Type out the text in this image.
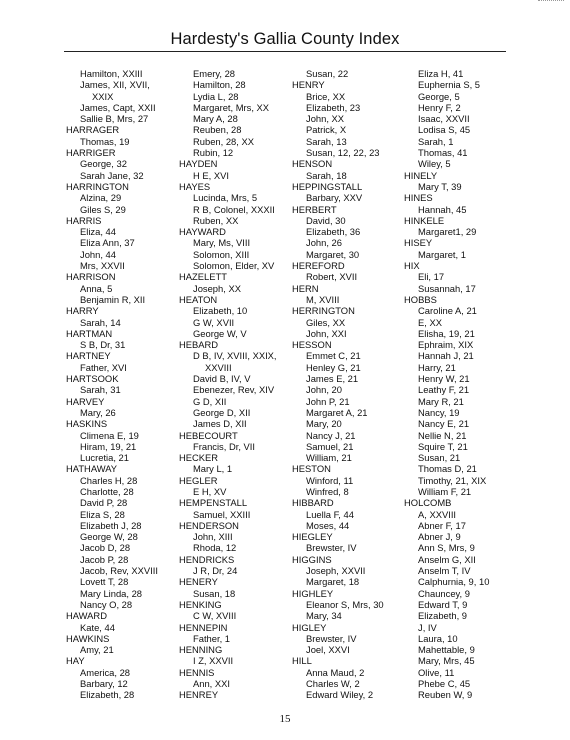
Hardesty's Gallia County Index
Hamilton, XXIII
James, XII, XVII,
XXIX
James, Capt, XXII
Sallie B, Mrs, 27
HARRAGER
Thomas, 19
HARRIGER
George, 32
Sarah Jane, 32
HARRINGTON
Alzina, 29
Giles S, 29
HARRIS
Eliza, 44
Eliza Ann, 37
John, 44
Mrs, XXVII
HARRISON
Anna, 5
Benjamin R, XII
HARRY
Sarah, 14
HARTMAN
S B, Dr, 31
HARTNEY
Father, XVI
HARTSOOK
Sarah, 31
HARVEY
Mary, 26
HASKINS
Climena E, 19
Hiram, 19, 21
Lucretia, 21
HATHAWAY
Charles H, 28
Charlotte, 28
David P, 28
Eliza S, 28
Elizabeth J, 28
George W, 28
Jacob D, 28
Jacob P, 28
Jacob, Rev, XXVIII
Lovett T, 28
Mary Linda, 28
Nancy O, 28
HAWARD
Kate, 44
HAWKINS
Amy, 21
HAY
America, 28
Barbary, 12
Elizabeth, 28
Emery, 28
Hamilton, 28
Lydia L, 28
Margaret, Mrs, XX
Mary A, 28
Reuben, 28
Ruben, 28, XX
Rubin, 12
HAYDEN
H E, XVI
HAYES
Lucinda, Mrs, 5
R B, Colonel, XXXII
Ruben, XX
HAYWARD
Mary, Ms, VIII
Solomon, XIII
Solomon, Elder, XV
HAZELETT
Joseph, XX
HEATON
Elizabeth, 10
G W, XVII
George W, V
HEBARD
D B, IV, XVIII, XXIX,
XXVIII
David B, IV, V
Ebenezer, Rev, XIV
G D, XII
George D, XII
James D, XII
HEBECOURT
Francis, Dr, VII
HECKER
Mary L, 1
HEGLER
E H, XV
HEMPENSTALL
Samuel, XXIII
HENDERSON
John, XIII
Rhoda, 12
HENDRICKS
J R, Dr, 24
HENERY
Susan, 18
HENKING
C W, XVIII
HENNEPIN
Father, 1
HENNING
I Z, XXVII
HENNIS
Ann, XXI
HENREY
Susan, 22
HENRY
Brice, XX
Elizabeth, 23
John, XX
Patrick, X
Sarah, 13
Susan, 12, 22, 23
HENSON
Sarah, 18
HEPPINGSTALL
Barbary, XXV
HERBERT
David, 30
Elizabeth, 36
John, 26
Margaret, 30
HEREFORD
Robert, XVII
HERN
M, XVIII
HERRINGTON
Giles, XX
John, XXI
HESSON
Emmet C, 21
Henley G, 21
James E, 21
John, 20
John P, 21
Margaret A, 21
Mary, 20
Nancy J, 21
Samuel, 21
William, 21
HESTON
Winford, 11
Winfred, 8
HIBBARD
Luella F, 44
Moses, 44
HIEGLEY
Brewster, IV
HIGGINS
Joseph, XXVII
Margaret, 18
HIGHLEY
Eleanor S, Mrs, 30
Mary, 34
HIGLEY
Brewster, IV
Joel, XXVI
HILL
Anna Maud, 2
Charles W, 2
Edward Wiley, 2
Eliza H, 41
Euphernia S, 5
George, 5
Henry F, 2
Isaac, XXVII
Lodisa S, 45
Sarah, 1
Thomas, 41
Wiley, 5
HINELY
Mary T, 39
HINES
Hannah, 45
HINKELE
Margaret1, 29
HISEY
Margaret, 1
HIX
Eli, 17
Susannah, 17
HOBBS
Caroline A, 21
E, XX
Elisha, 19, 21
Ephraim, XIX
Hannah J, 21
Harry, 21
Henry W, 21
Leathy F, 21
Mary R, 21
Nancy, 19
Nancy E, 21
Nellie N, 21
Squire T, 21
Susan, 21
Thomas D, 21
Timothy, 21, XIX
William F, 21
HOLCOMB
A, XXVIII
Abner F, 17
Abner J, 9
Ann S, Mrs, 9
Anselm G, XII
Anselm T, IV
Calphurnia, 9, 10
Chauncey, 9
Edward T, 9
Elizabeth, 9
J, IV
Laura, 10
Mahettable, 9
Mary, Mrs, 45
Olive, 11
Phebe C, 45
Reuben W, 9
15
